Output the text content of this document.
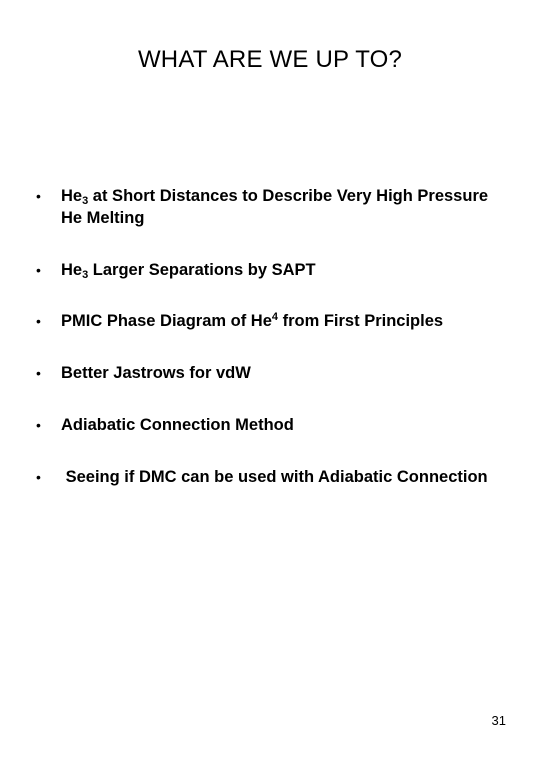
WHAT ARE WE UP TO?
• $He_3$ at Short Distances to Describe Very High Pressure He Melting
• $He_3$ Larger Separations by SAPT
• PMIC Phase Diagram of He$^4$ from First Principles
• Better Jastrows for vdW
• Adiabatic Connection Method
• Seeing if DMC can be used with Adiabatic Connection
31
